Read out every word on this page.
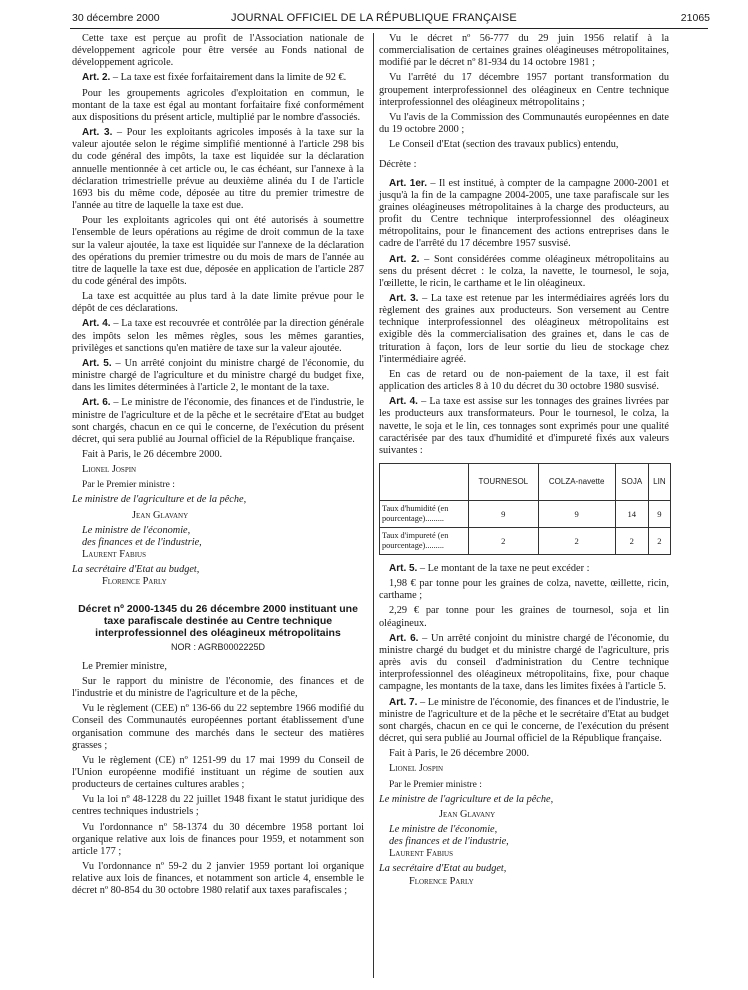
30 décembre 2000	JOURNAL OFFICIEL DE LA RÉPUBLIQUE FRANÇAISE	21065

Cette taxe est perçue au profit de l'Association nationale de développement agricole pour être versée au Fonds national de développement agricole.

Art. 2. – La taxe est fixée forfaitairement dans la limite de 92 €.

Pour les groupements agricoles d'exploitation en commun, le montant de la taxe est égal au montant forfaitaire fixé conformément aux dispositions du présent article, multiplié par le nombre d'associés.

Art. 3. – Pour les exploitants agricoles imposés à la taxe sur la valeur ajoutée selon le régime simplifié mentionné à l'article 298 bis du code général des impôts, la taxe est liquidée sur la déclaration annuelle mentionnée à cet article ou, le cas échéant, sur l'annexe à la déclaration trimestrielle prévue au deuxième alinéa du I de l'article 1693 bis du même code, déposée au titre du premier trimestre de l'année au titre de laquelle la taxe est due.

Pour les exploitants agricoles qui ont été autorisés à soumettre l'ensemble de leurs opérations au régime de droit commun de la taxe sur la valeur ajoutée, la taxe est liquidée sur l'annexe de la déclaration des opérations du premier trimestre ou du mois de mars de l'année au titre de laquelle la taxe est due, déposée en application de l'article 287 du code général des impôts.

La taxe est acquittée au plus tard à la date limite prévue pour le dépôt de ces déclarations.

Art. 4. – La taxe est recouvrée et contrôlée par la direction générale des impôts selon les mêmes règles, sous les mêmes garanties, privilèges et sanctions qu'en matière de taxe sur la valeur ajoutée.

Art. 5. – Un arrêté conjoint du ministre chargé de l'économie, du ministre chargé de l'agriculture et du ministre chargé du budget fixe, dans les limites déterminées à l'article 2, le montant de la taxe.

Art. 6. – Le ministre de l'économie, des finances et de l'industrie, le ministre de l'agriculture et de la pêche et le secrétaire d'Etat au budget sont chargés, chacun en ce qui le concerne, de l'exécution du présent décret, qui sera publié au Journal officiel de la République française.

Fait à Paris, le 26 décembre 2000.

Lionel Jospin

Par le Premier ministre :

Le ministre de l'agriculture et de la pêche,

Jean Glavany

Le ministre de l'économie,

des finances et de l'industrie,

Laurent Fabius

La secrétaire d'Etat au budget,

Florence Parly

Décret nº 2000-1345 du 26 décembre 2000 instituant une taxe parafiscale destinée au Centre technique interprofessionnel des oléagineux métropolitains
NOR : AGRB0002225D

Le Premier ministre,

Sur le rapport du ministre de l'économie, des finances et de l'industrie et du ministre de l'agriculture et de la pêche,

Vu le règlement (CEE) nº 136-66 du 22 septembre 1966 modifié du Conseil des Communautés européennes portant établissement d'une organisation commune des marchés dans le secteur des matières grasses ;

Vu le règlement (CE) nº 1251-99 du 17 mai 1999 du Conseil de l'Union européenne modifié instituant un régime de soutien aux producteurs de certaines cultures arables ;

Vu la loi nº 48-1228 du 22 juillet 1948 fixant le statut juridique des centres techniques industriels ;

Vu l'ordonnance nº 58-1374 du 30 décembre 1958 portant loi organique relative aux lois de finances pour 1959, et notamment son article 177 ;

Vu l'ordonnance nº 59-2 du 2 janvier 1959 portant loi organique relative aux lois de finances, et notamment son article 4, ensemble le décret nº 80-854 du 30 octobre 1980 relatif aux taxes parafiscales ;

Vu le décret nº 56-777 du 29 juin 1956 relatif à la commercialisation de certaines graines oléagineuses métropolitaines, modifié par le décret nº 81-934 du 14 octobre 1981 ;

Vu l'arrêté du 17 décembre 1957 portant transformation du groupement interprofessionnel des oléagineux en Centre technique interprofessionnel des oléagineux métropolitains ;

Vu l'avis de la Commission des Communautés européennes en date du 19 octobre 2000 ;

Le Conseil d'Etat (section des travaux publics) entendu,

Décrète :

Art. 1er. – Il est institué, à compter de la campagne 2000-2001 et jusqu'à la fin de la campagne 2004-2005, une taxe parafiscale sur les graines oléagineuses métropolitaines à la charge des producteurs, au profit du Centre technique interprofessionnel des oléagineux métropolitains, pour le financement des actions entreprises dans le cadre de l'arrêté du 17 décembre 1957 susvisé.

Art. 2. – Sont considérées comme oléagineux métropolitains au sens du présent décret : le colza, la navette, le tournesol, le soja, l'œillette, le ricin, le carthame et le lin oléagineux.

Art. 3. – La taxe est retenue par les intermédiaires agréés lors du règlement des graines aux producteurs. Son versement au Centre technique interprofessionnel des oléagineux métropolitains est exigible dès la commercialisation des graines et, dans le cas de trituration à façon, lors de leur sortie du lieu de stockage chez l'intermédiaire agréé.

En cas de retard ou de non-paiement de la taxe, il est fait application des articles 8 à 10 du décret du 30 octobre 1980 susvisé.

Art. 4. – La taxe est assise sur les tonnages des graines livrées par les producteurs aux transformateurs. Pour le tournesol, le colza, la navette, le soja et le lin, ces tonnages sont exprimés pour une qualité caractérisée par des taux d'humidité et d'impureté fixés aux valeurs suivantes :

	TOURNESOL	COLZA-navette	SOJA	LIN
Taux d'humidité (en pourcentage).........	9	9	14	9
Taux d'impureté (en pourcentage).........	2	2	2	2

Art. 5. – Le montant de la taxe ne peut excéder :

1,98 € par tonne pour les graines de colza, navette, œillette, ricin, carthame ;

2,29 € par tonne pour les graines de tournesol, soja et lin oléagineux.

Art. 6. – Un arrêté conjoint du ministre chargé de l'économie, du ministre chargé du budget et du ministre chargé de l'agriculture, pris après avis du conseil d'administration du Centre technique interprofessionnel des oléagineux métropolitains, fixe, pour chaque campagne, les montants de la taxe, dans les limites fixées à l'article 5.

Art. 7. – Le ministre de l'économie, des finances et de l'industrie, le ministre de l'agriculture et de la pêche et le secrétaire d'Etat au budget sont chargés, chacun en ce qui le concerne, de l'exécution du présent décret, qui sera publié au Journal officiel de la République française.

Fait à Paris, le 26 décembre 2000.

Lionel Jospin

Par le Premier ministre :

Le ministre de l'agriculture et de la pêche,

Jean Glavany

Le ministre de l'économie,

des finances et de l'industrie,

Laurent Fabius

La secrétaire d'Etat au budget,

Florence Parly
